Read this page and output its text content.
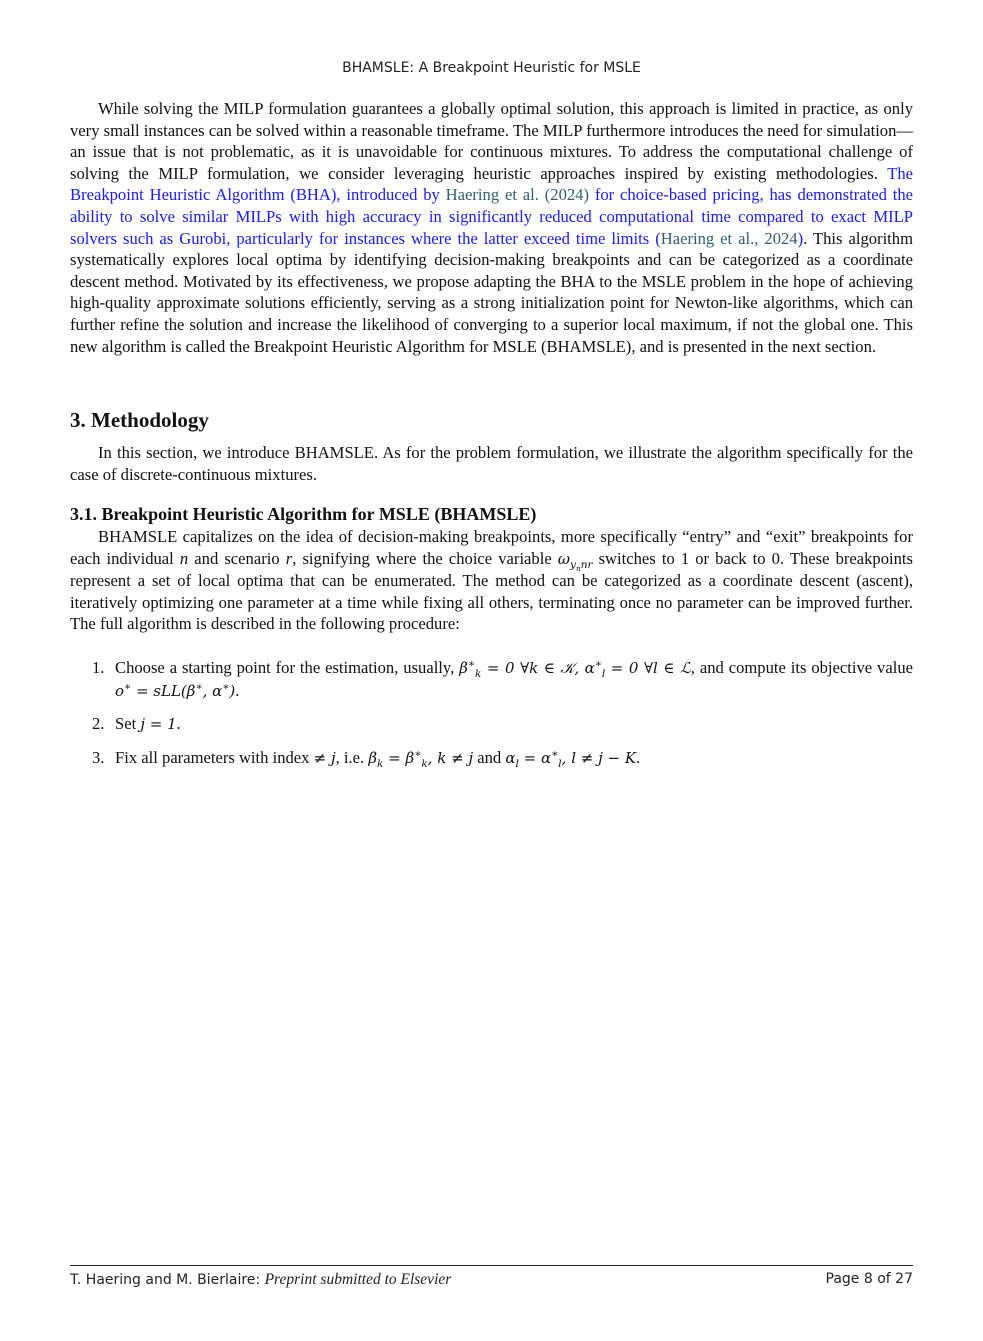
BHAMSLE: A Breakpoint Heuristic for MSLE

While solving the MILP formulation guarantees a globally optimal solution, this approach is limited in practice, as only very small instances can be solved within a reasonable timeframe. The MILP furthermore introduces the need for simulation—an issue that is not problematic, as it is unavoidable for continuous mixtures. To address the computational challenge of solving the MILP formulation, we consider leveraging heuristic approaches inspired by existing methodologies. The Breakpoint Heuristic Algorithm (BHA), introduced by Haering et al. (2024) for choice-based pricing, has demonstrated the ability to solve similar MILPs with high accuracy in significantly reduced computational time compared to exact MILP solvers such as Gurobi, particularly for instances where the latter exceed time limits (Haering et al., 2024). This algorithm systematically explores local optima by identifying decision-making breakpoints and can be categorized as a coordinate descent method. Motivated by its effectiveness, we propose adapting the BHA to the MSLE problem in the hope of achieving high-quality approximate solutions efficiently, serving as a strong initialization point for Newton-like algorithms, which can further refine the solution and increase the likelihood of converging to a superior local maximum, if not the global one. This new algorithm is called the Breakpoint Heuristic Algorithm for MSLE (BHAMSLE), and is presented in the next section.

3. Methodology

In this section, we introduce BHAMSLE. As for the problem formulation, we illustrate the algorithm specifically for the case of discrete-continuous mixtures.

3.1. Breakpoint Heuristic Algorithm for MSLE (BHAMSLE)

BHAMSLE capitalizes on the idea of decision-making breakpoints, more specifically “entry” and “exit” breakpoints for each individual n and scenario r, signifying where the choice variable $\omega_{y_nnr}$ switches to 1 or back to 0. These breakpoints represent a set of local optima that can be enumerated. The method can be categorized as a coordinate descent (ascent), iteratively optimizing one parameter at a time while fixing all others, terminating once no parameter can be improved further. The full algorithm is described in the following procedure:

1. Choose a starting point for the estimation, usually, $\beta^∗_k = 0$ ∀k ∈ 𝒦, $\alpha^∗_l = 0$ ∀l ∈ ℒ, and compute its objective value o∗ = sLL(β∗, α∗).
2. Set j = 1.
3. Fix all parameters with index ≠ j, i.e. $\beta_k = \beta^∗_k$, k ≠ j and $\alpha_l = \alpha^∗_l$, l ≠ j − K.
T. Haering and M. Bierlaire: Preprint submitted to Elsevier	Page 8 of 27
